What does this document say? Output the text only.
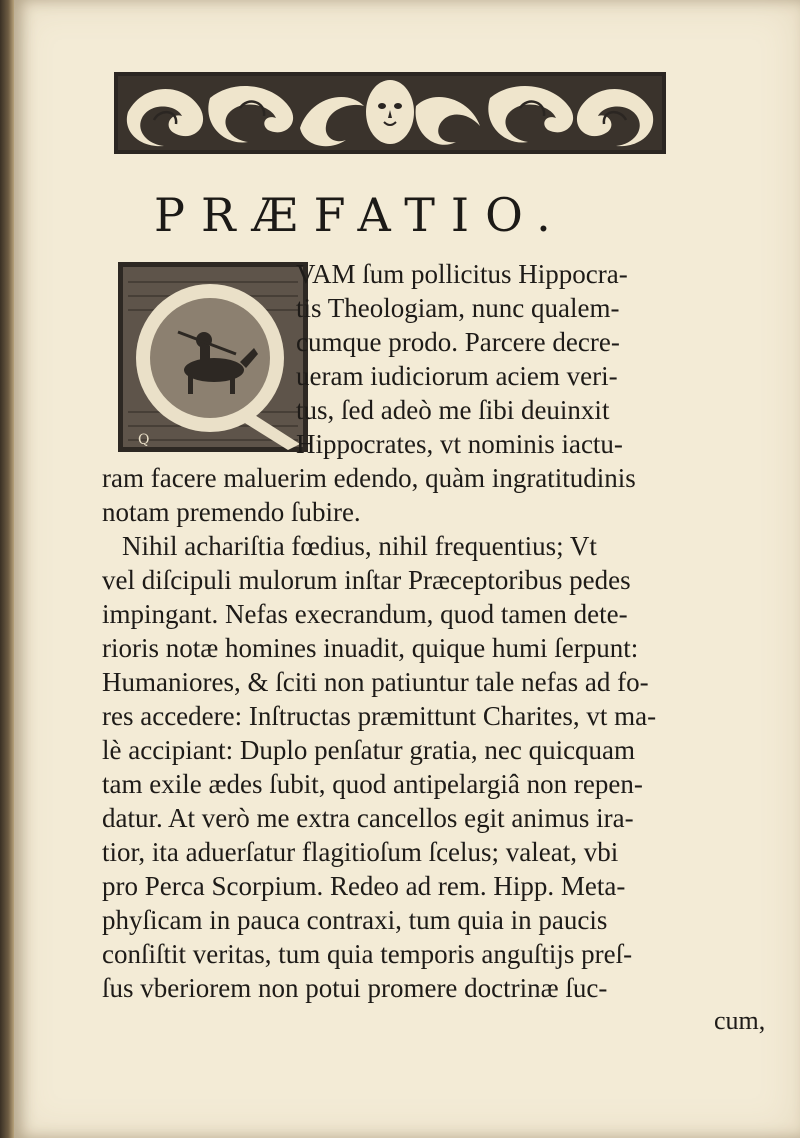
PRÆFATIO.
Q

VAM ſum pollicitus Hippocra-

tis Theologiam, nunc qualem-

cumque prodo. Parcere decre-

ueram iudiciorum aciem veri-

tus, ſed adeò me ſibi deuinxit

Hippocrates, vt nominis iactu-

ram facere maluerim edendo, quàm ingratitudinis

notam premendo ſubire.

Nihil achariſtia fœdius, nihil frequentius; Vt

vel diſcipuli mulorum inſtar Præceptoribus pedes

impingant. Nefas execrandum, quod tamen dete-

rioris notæ homines inuadit, quique humi ſerpunt:

Humaniores, & ſciti non patiuntur tale nefas ad fo-

res accedere: Inſtructas præmittunt Charites, vt ma-

lè accipiant: Duplo penſatur gratia, nec quicquam

tam exile ædes ſubit, quod antipelargiâ non repen-

datur. At verò me extra cancellos egit animus ira-

tior, ita aduerſatur flagitioſum ſcelus; valeat, vbi

pro Perca Scorpium. Redeo ad rem. Hipp. Meta-

phyſicam in pauca contraxi, tum quia in paucis

conſiſtit veritas, tum quia temporis anguſtijs preſ-

ſus vberiorem non potui promere doctrinæ ſuc-

cum,
